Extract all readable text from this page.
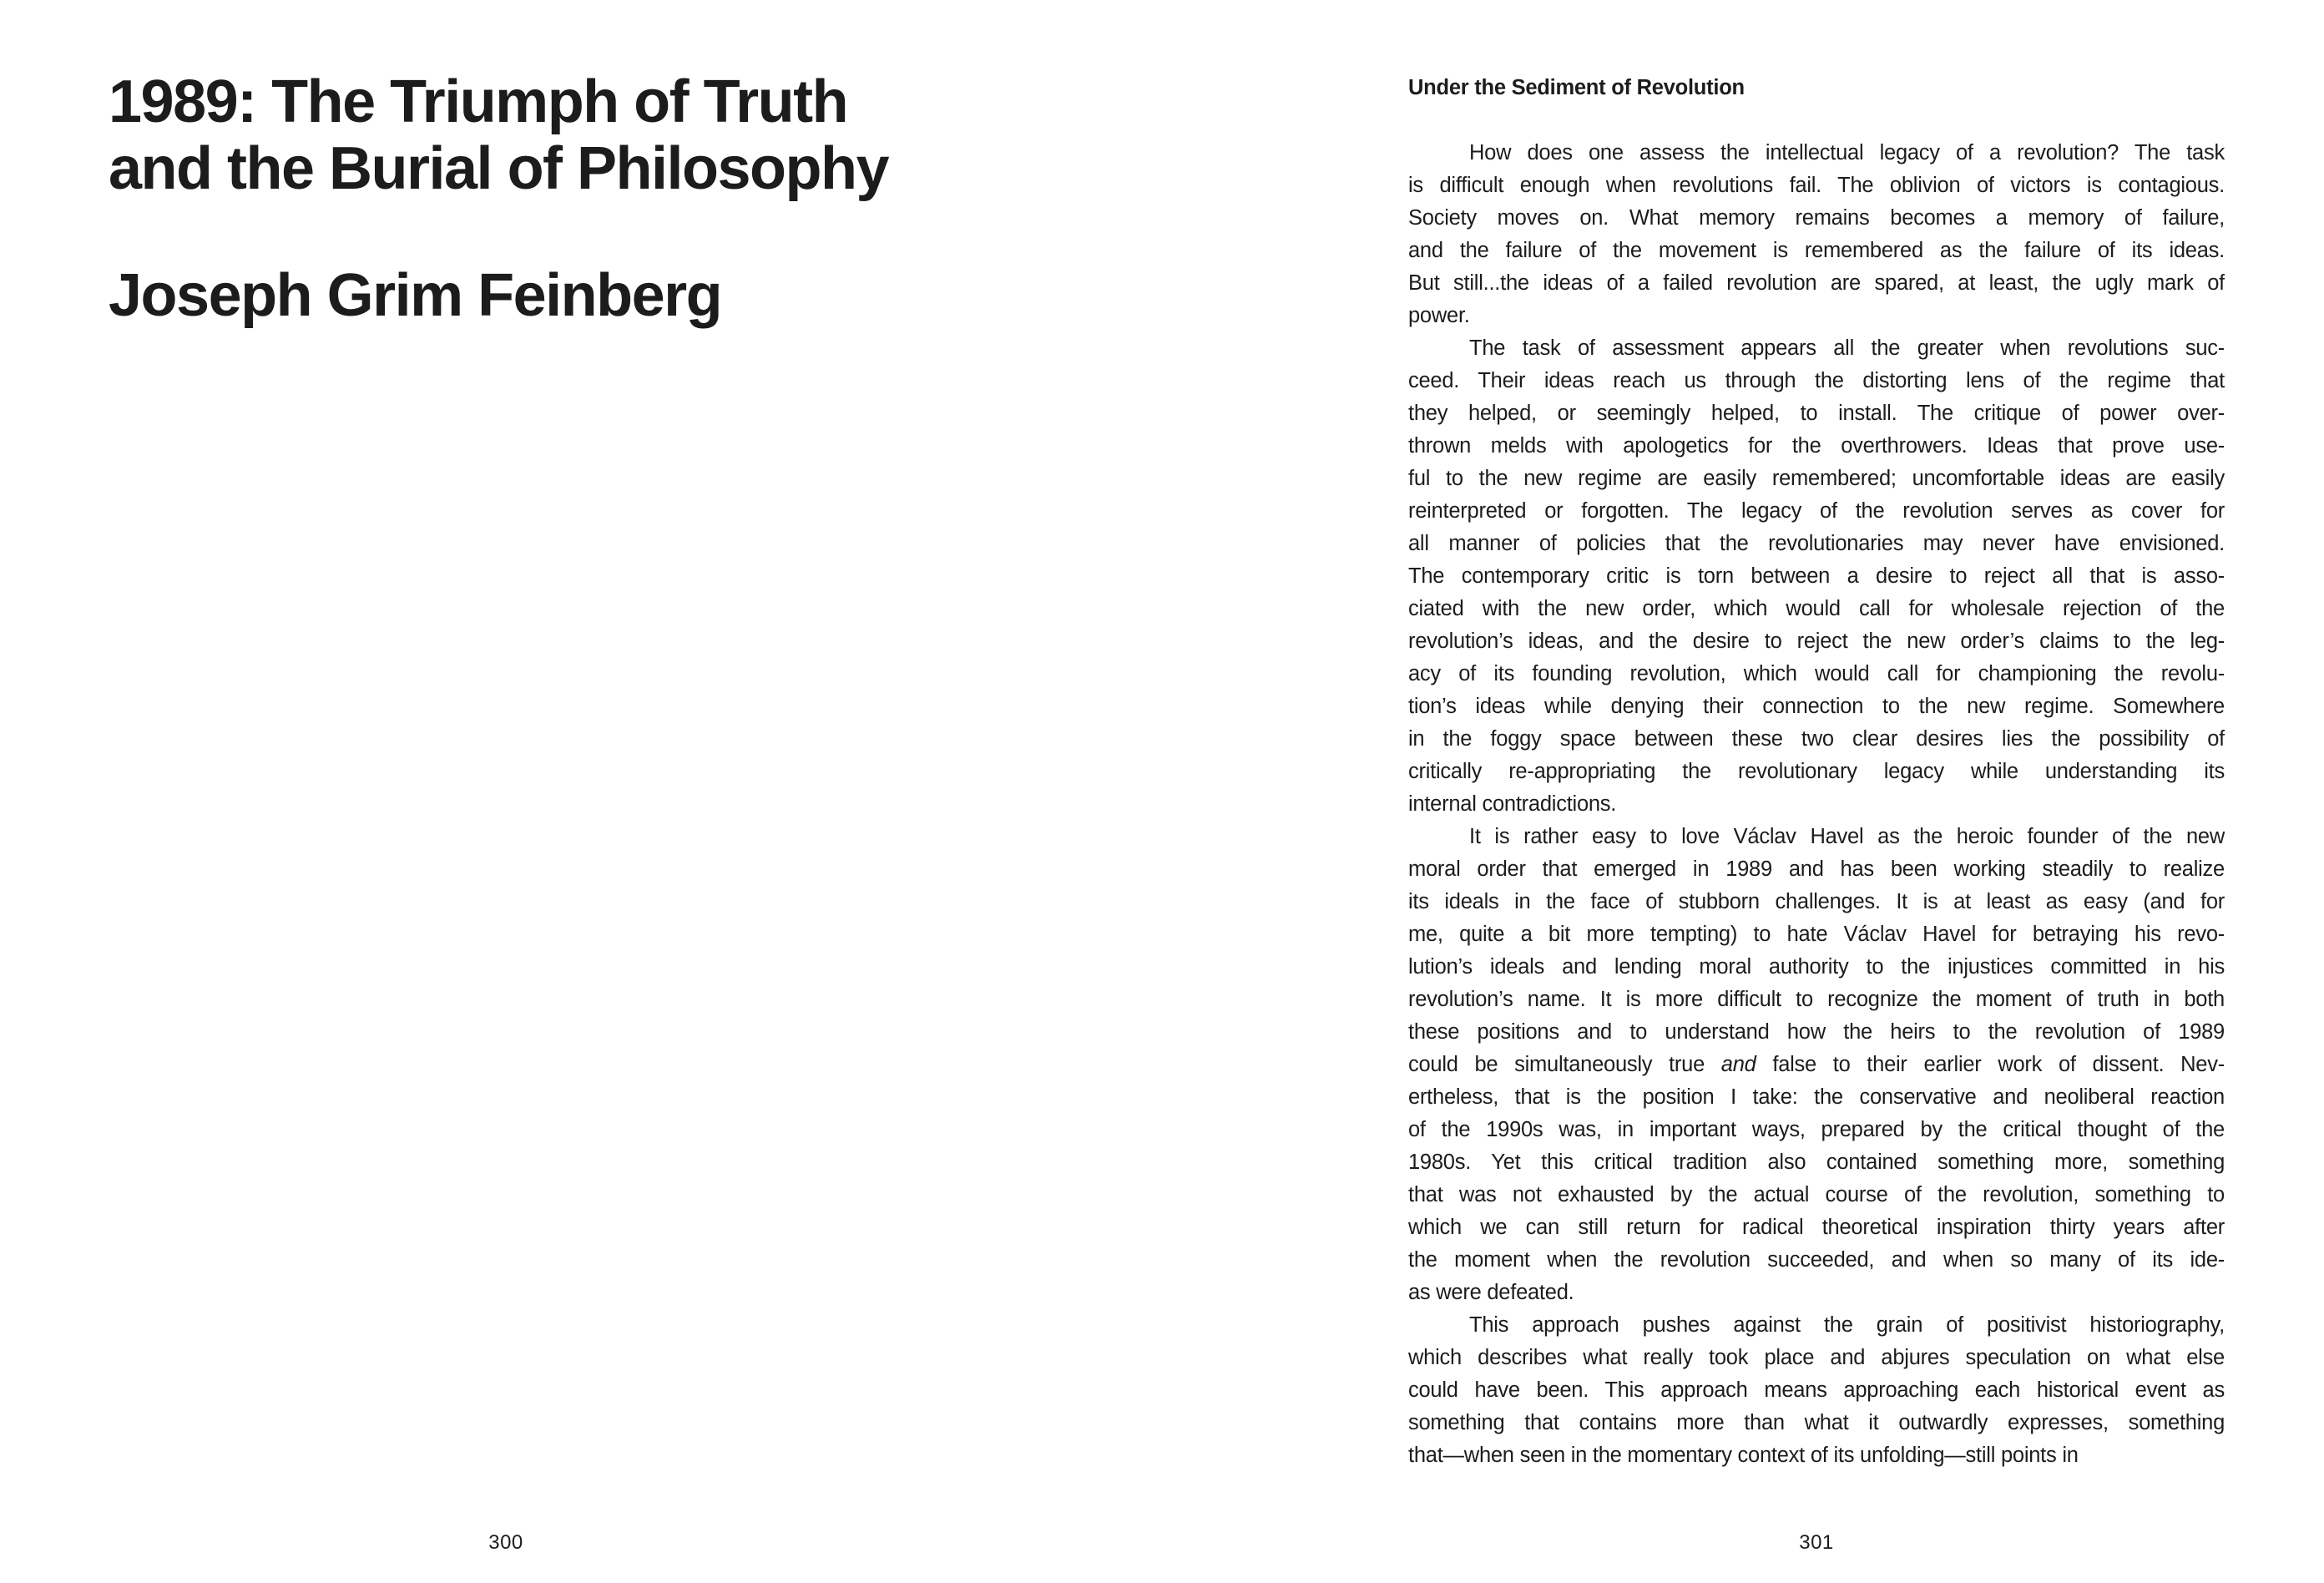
1989: The Triumph of Truth
and the Burial of Philosophy
Joseph Grim Feinberg
300
Under the Sediment of Revolution
How does one assess the intellectual legacy of a revolution? The task
is difficult enough when revolutions fail. The oblivion of victors is contagious.
Society moves on. What memory remains becomes a memory of failure,
and the failure of the movement is remembered as the failure of its ideas.
But still...the ideas of a failed revolution are spared, at least, the ugly mark of
power.
The task of assessment appears all the greater when revolutions suc-
ceed. Their ideas reach us through the distorting lens of the regime that
they helped, or seemingly helped, to install. The critique of power over-
thrown melds with apologetics for the overthrowers. Ideas that prove use-
ful to the new regime are easily remembered; uncomfortable ideas are easily
reinterpreted or forgotten. The legacy of the revolution serves as cover for
all manner of policies that the revolutionaries may never have envisioned.
The contemporary critic is torn between a desire to reject all that is asso-
ciated with the new order, which would call for wholesale rejection of the
revolution’s ideas, and the desire to reject the new order’s claims to the leg-
acy of its founding revolution, which would call for championing the revolu-
tion’s ideas while denying their connection to the new regime. Somewhere
in the foggy space between these two clear desires lies the possibility of
critically re-appropriating the revolutionary legacy while understanding its
internal contradictions.
It is rather easy to love Václav Havel as the heroic founder of the new
moral order that emerged in 1989 and has been working steadily to realize
its ideals in the face of stubborn challenges. It is at least as easy (and for
me, quite a bit more tempting) to hate Václav Havel for betraying his revo-
lution’s ideals and lending moral authority to the injustices committed in his
revolution’s name. It is more difficult to recognize the moment of truth in both
these positions and to understand how the heirs to the revolution of 1989
could be simultaneously true and false to their earlier work of dissent. Nev-
ertheless, that is the position I take: the conservative and neoliberal reaction
of the 1990s was, in important ways, prepared by the critical thought of the
1980s. Yet this critical tradition also contained something more, something
that was not exhausted by the actual course of the revolution, something to
which we can still return for radical theoretical inspiration thirty years after
the moment when the revolution succeeded, and when so many of its ide-
as were defeated.
This approach pushes against the grain of positivist historiography,
which describes what really took place and abjures speculation on what else
could have been. This approach means approaching each historical event as
something that contains more than what it outwardly expresses, something
that—when seen in the momentary context of its unfolding—still points in
301
